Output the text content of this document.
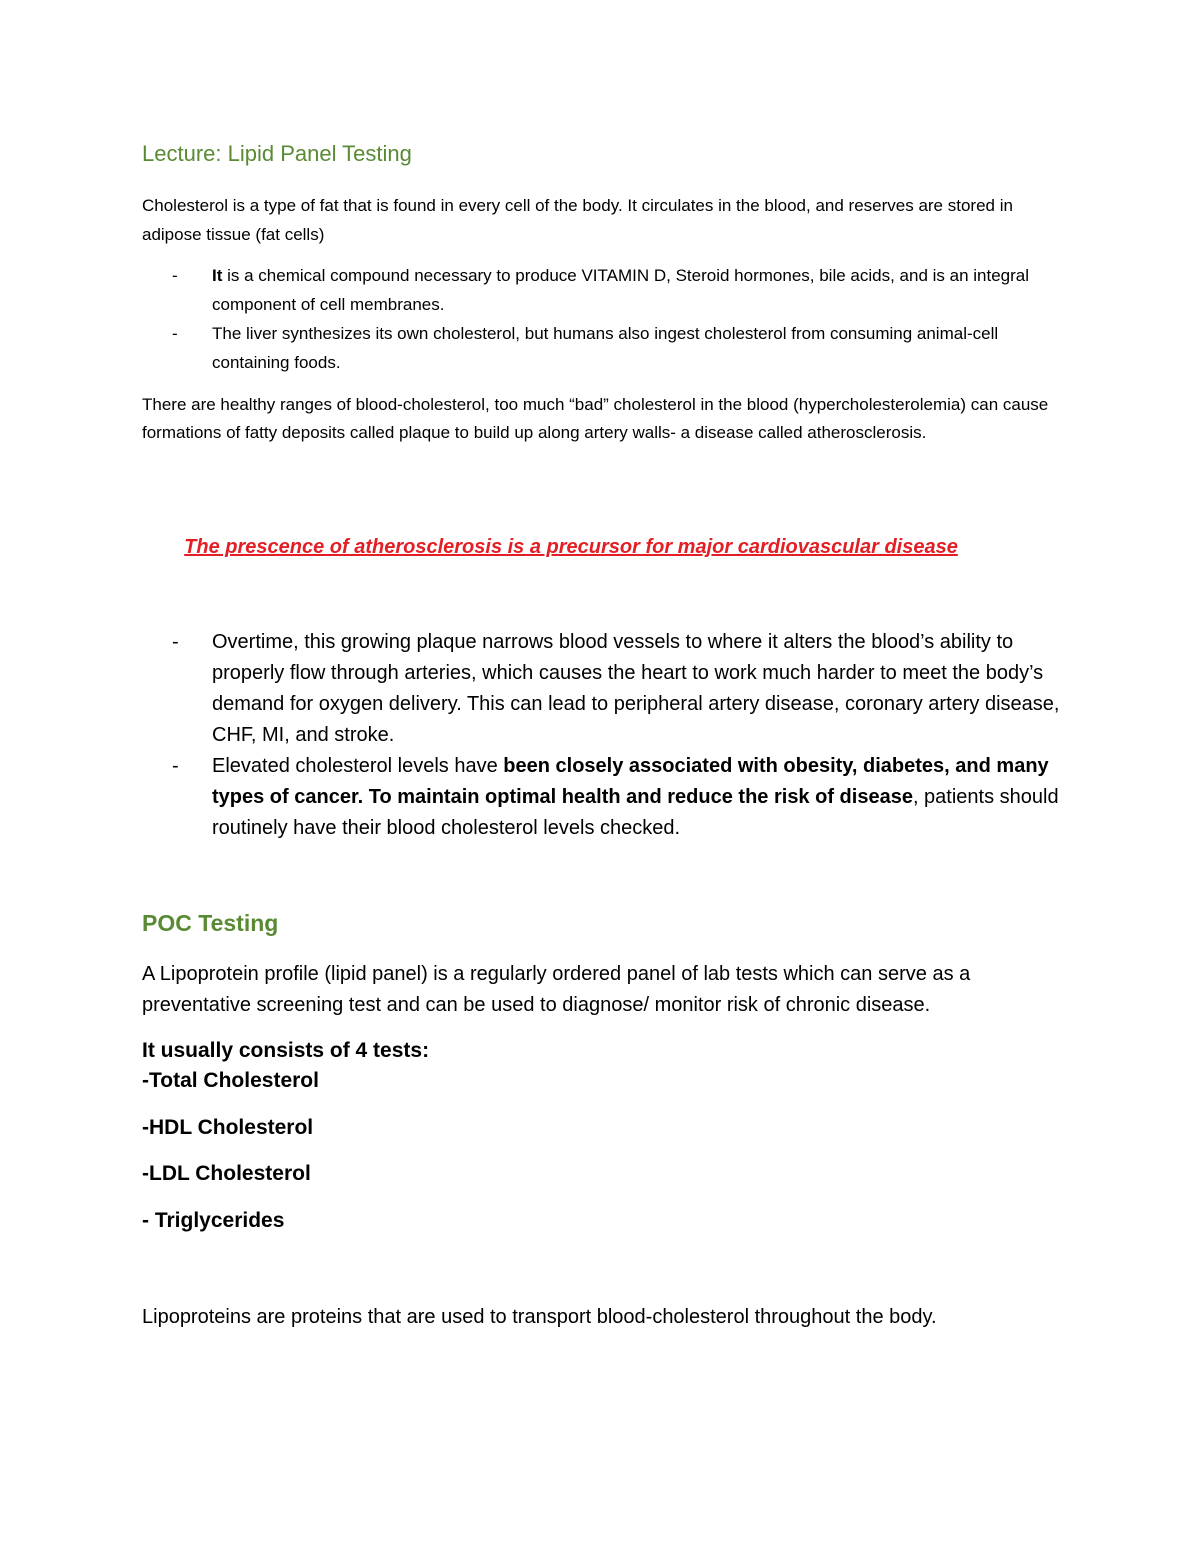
Lecture: Lipid Panel Testing

Cholesterol is a type of fat that is found in every cell of the body. It circulates in the blood, and reserves are stored in adipose tissue (fat cells)

- It is a chemical compound necessary to produce VITAMIN D, Steroid hormones, bile acids, and is an integral component of cell membranes.
- The liver synthesizes its own cholesterol, but humans also ingest cholesterol from consuming animal-cell containing foods.

There are healthy ranges of blood-cholesterol, too much “bad” cholesterol in the blood (hypercholesterolemia) can cause formations of fatty deposits called plaque to build up along artery walls- a disease called atherosclerosis.

The prescence of atherosclerosis is a precursor for major cardiovascular disease

- Overtime, this growing plaque narrows blood vessels to where it alters the blood’s ability to properly flow through arteries, which causes the heart to work much harder to meet the body’s demand for oxygen delivery. This can lead to peripheral artery disease, coronary artery disease, CHF, MI, and stroke.
- Elevated cholesterol levels have been closely associated with obesity, diabetes, and many types of cancer. To maintain optimal health and reduce the risk of disease, patients should routinely have their blood cholesterol levels checked.
POC Testing

A Lipoprotein profile (lipid panel) is a regularly ordered panel of lab tests which can serve as a preventative screening test and can be used to diagnose/ monitor risk of chronic disease.

It usually consists of 4 tests:

-Total Cholesterol

-HDL Cholesterol

-LDL Cholesterol

- Triglycerides

Lipoproteins are proteins that are used to transport blood-cholesterol throughout the body.
